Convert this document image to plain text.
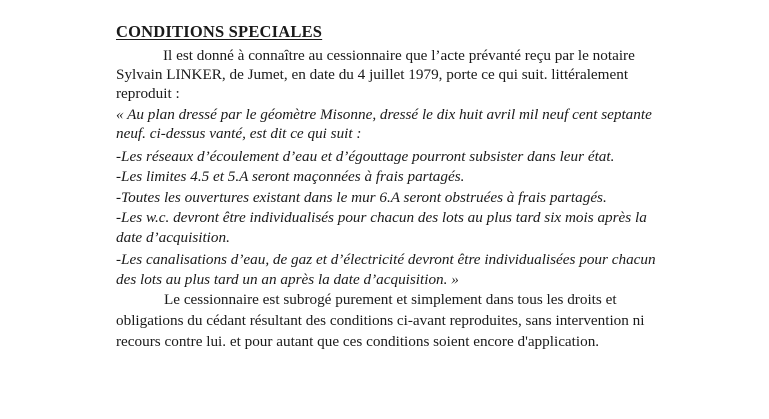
CONDITIONS SPECIALES
Il est donné à connaître au cessionnaire que l’acte prévanté reçu par le notaire
Sylvain LINKER, de Jumet, en date du 4 juillet 1979, porte ce qui suit. littéralement
reproduit :
« Au plan dressé par le géomètre Misonne, dressé le dix huit avril mil neuf cent septante
neuf. ci-dessus vanté, est dit ce qui suit :
-Les réseaux d’écoulement d’eau et d’égouttage pourront subsister dans leur état.
-Les limites 4.5 et 5.A seront maçonnées à frais partagés.
-Toutes les ouvertures existant dans le mur 6.A seront obstruées à frais partagés.
-Les w.c. devront être individualisés pour chacun des lots au plus tard six mois après la
date d’acquisition.
-Les canalisations d’eau, de gaz et d’électricité devront être individualisées pour chacun
des lots au plus tard un an après la date d’acquisition. »
Le cessionnaire est subrogé purement et simplement dans tous les droits et
obligations du cédant résultant des conditions ci-avant reproduites, sans intervention ni
recours contre lui. et pour autant que ces conditions soient encore d'application.
